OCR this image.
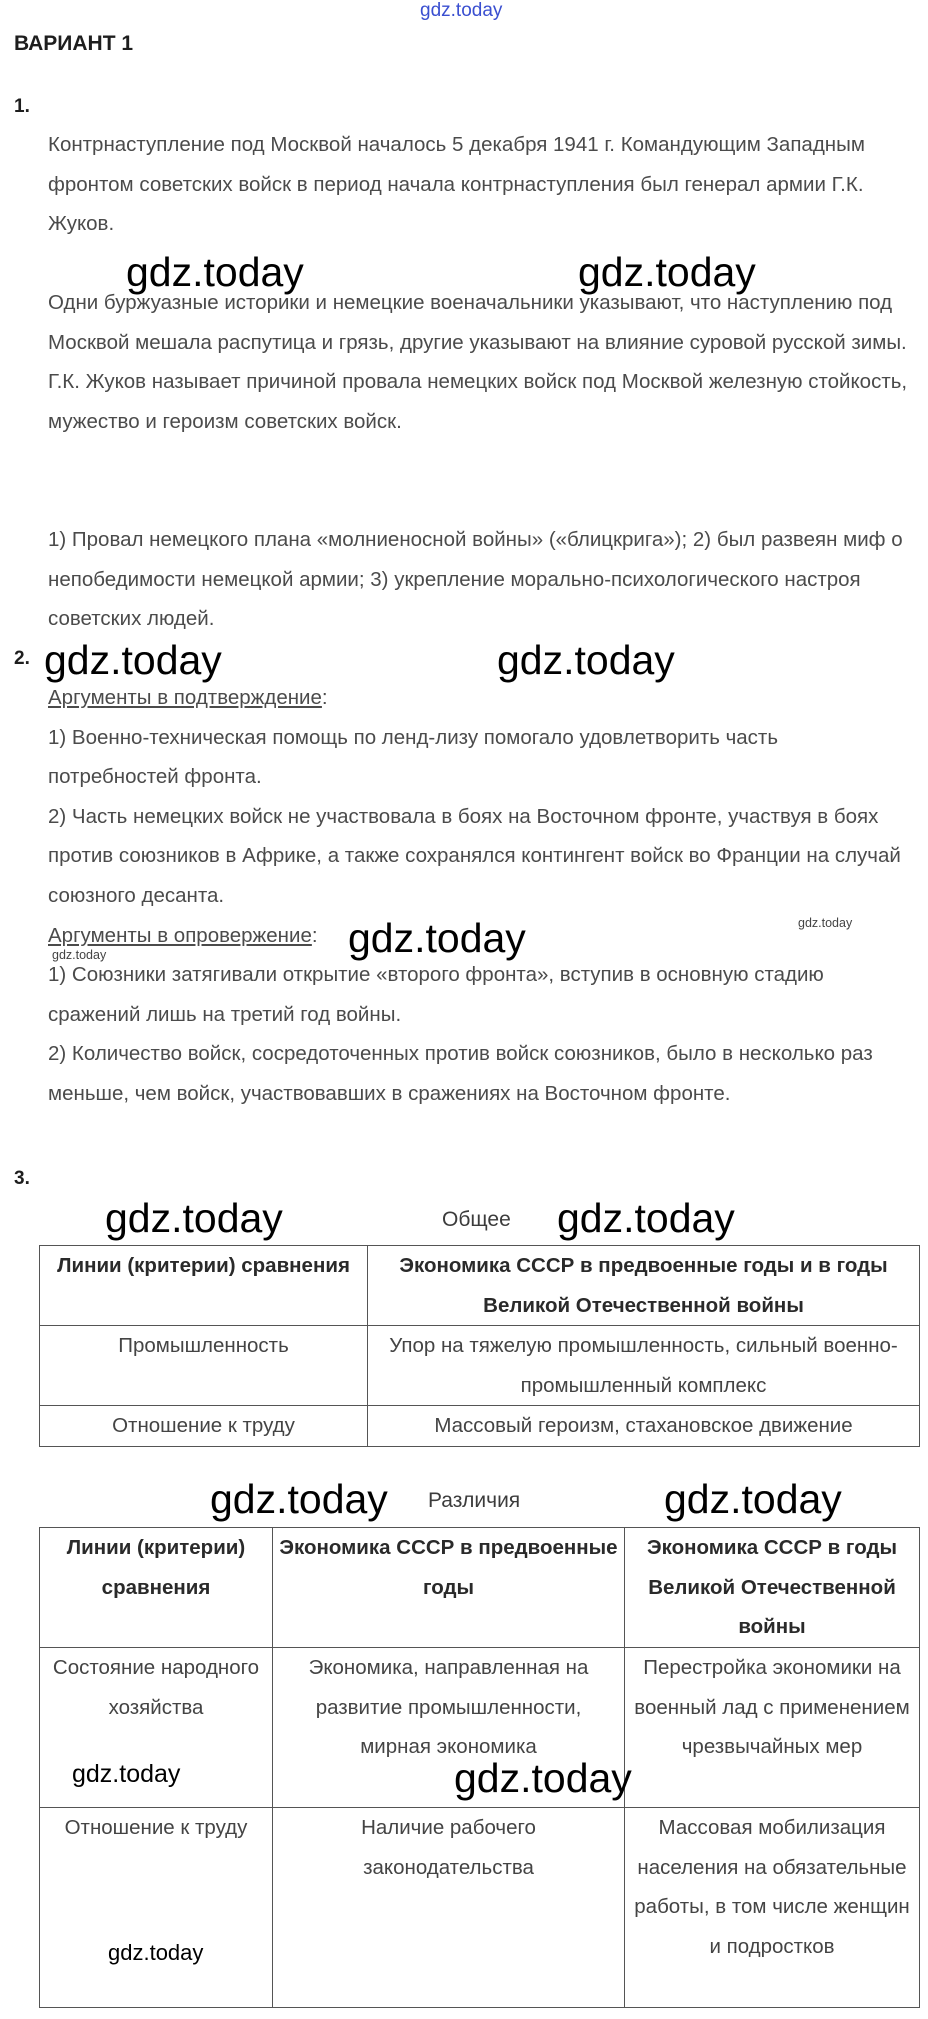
gdz.today
ВАРИАНТ 1
1.

Контрнаступление под Москвой началось 5 декабря 1941 г. Командующим Западным фронтом советских войск в период начала контрнаступления был генерал армии Г.К. Жуков.

Одни буржуазные историки и немецкие военачальники указывают, что наступлению под Москвой мешала распутица и грязь, другие указывают на влияние суровой русской зимы. Г.К. Жуков называет причиной провала немецких войск под Москвой железную стойкость, мужество и героизм советских войск.

1) Провал немецкого плана «молниеносной войны» («блицкрига»); 2) был развеян миф о непобедимости немецкой армии; 3) укрепление морально-психологического настроя советских людей.

2.

Аргументы в подтверждение:

1) Военно-техническая помощь по ленд-лизу помогало удовлетворить часть потребностей фронта.

2) Часть немецких войск не участвовала в боях на Восточном фронте, участвуя в боях против союзников в Африке, а также сохранялся контингент войск во Франции на случай союзного десанта.

Аргументы в опровержение:

1) Союзники затягивали открытие «второго фронта», вступив в основную стадию сражений лишь на третий год войны.

2) Количество войск, сосредоточенных против войск союзников, было в несколько раз меньше, чем войск, участвовавших в сражениях на Восточном фронте.

3.
Общее
Линии (критерии) сравнения	Экономика СССР в предвоенные годы и в годы Великой Отечественной войны
Промышленность	Упор на тяжелую промышленность, сильный военно-промышленный комплекс
Отношение к труду	Массовый героизм, стахановское движение
Различия
Линии (критерии) сравнения	Экономика СССР в предвоенные годы	Экономика СССР в годы Великой Отечественной войны
Состояние народного хозяйства	Экономика, направленная на развитие промышленности, мирная экономика	Перестройка экономики на военный лад с применением чрезвычайных мер
Отношение к труду	Наличие рабочего законодательства	Массовая мобилизация населения на обязательные работы, в том числе женщин и подростков
gdz.today	gdz.today
gdz.today	gdz.today
gdz.today
gdz.today
gdz.today
gdz.today	gdz.today
gdz.today	gdz.today
gdz.today	gdz.today
gdz.today
